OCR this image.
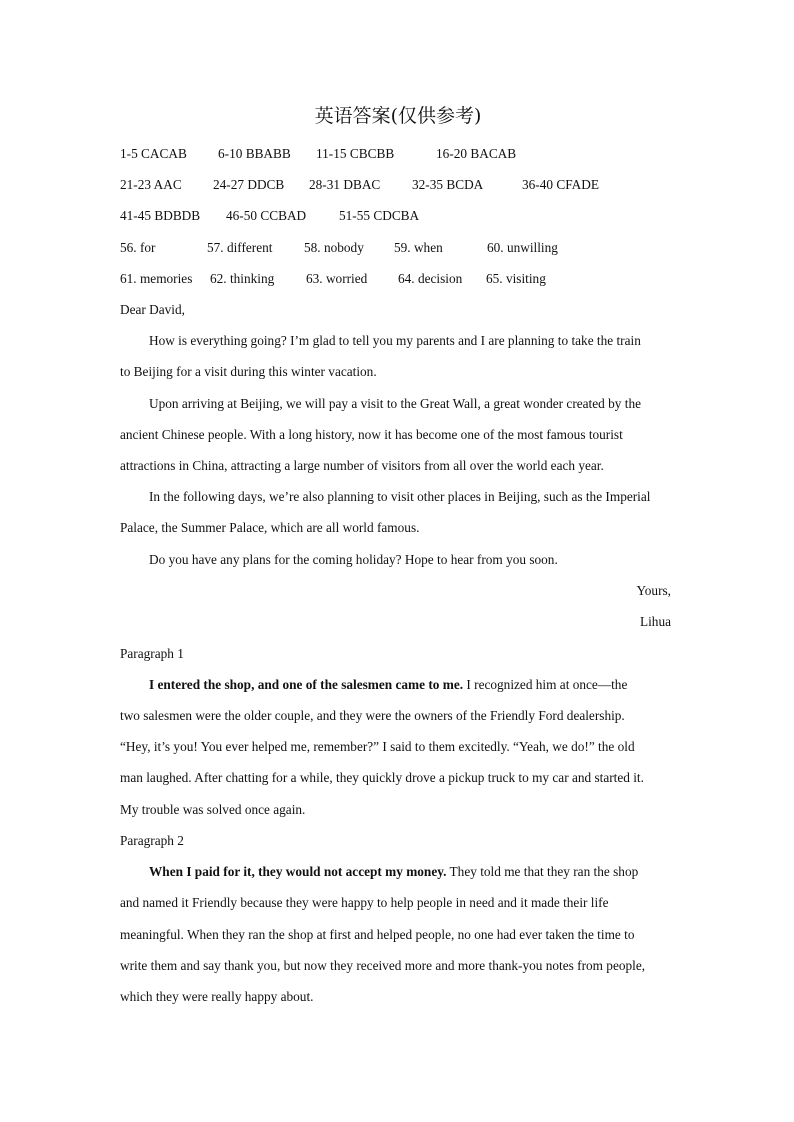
英语答案(仅供参考)
1-5 CACAB 6-10 BBABB 11-15 CBCBB	16-20 BACAB
21-23 AAC 24-27 DDCB 28-31 DBAC 32-35 BCDA	36-40 CFADE
41-45 BDBDB 46-50 CCBAD 51-55 CDCBA
56. for	57. different 58. nobody 59. when	60. unwilling
61. memories 62. thinking 63. worried 64. decision 65. visiting
Dear David,
How is everything going? I’m glad to tell you my parents and I are planning to take the train
to Beijing for a visit during this winter vacation.
Upon arriving at Beijing, we will pay a visit to the Great Wall, a great wonder created by the
ancient Chinese people. With a long history, now it has become one of the most famous tourist
attractions in China, attracting a large number of visitors from all over the world each year.
In the following days, we’re also planning to visit other places in Beijing, such as the Imperial
Palace, the Summer Palace, which are all world famous.
Do you have any plans for the coming holiday? Hope to hear from you soon.
Yours,
Lihua
Paragraph 1
I entered the shop, and one of the salesmen came to me. I recognized him at once—the
two salesmen were the older couple, and they were the owners of the Friendly Ford dealership.
“Hey, it’s you! You ever helped me, remember?” I said to them excitedly. “Yeah, we do!” the old
man laughed. After chatting for a while, they quickly drove a pickup truck to my car and started it.
My trouble was solved once again.
Paragraph 2
When I paid for it, they would not accept my money. They told me that they ran the shop
and named it Friendly because they were happy to help people in need and it made their life
meaningful. When they ran the shop at first and helped people, no one had ever taken the time to
write them and say thank you, but now they received more and more thank-you notes from people,
which they were really happy about.
